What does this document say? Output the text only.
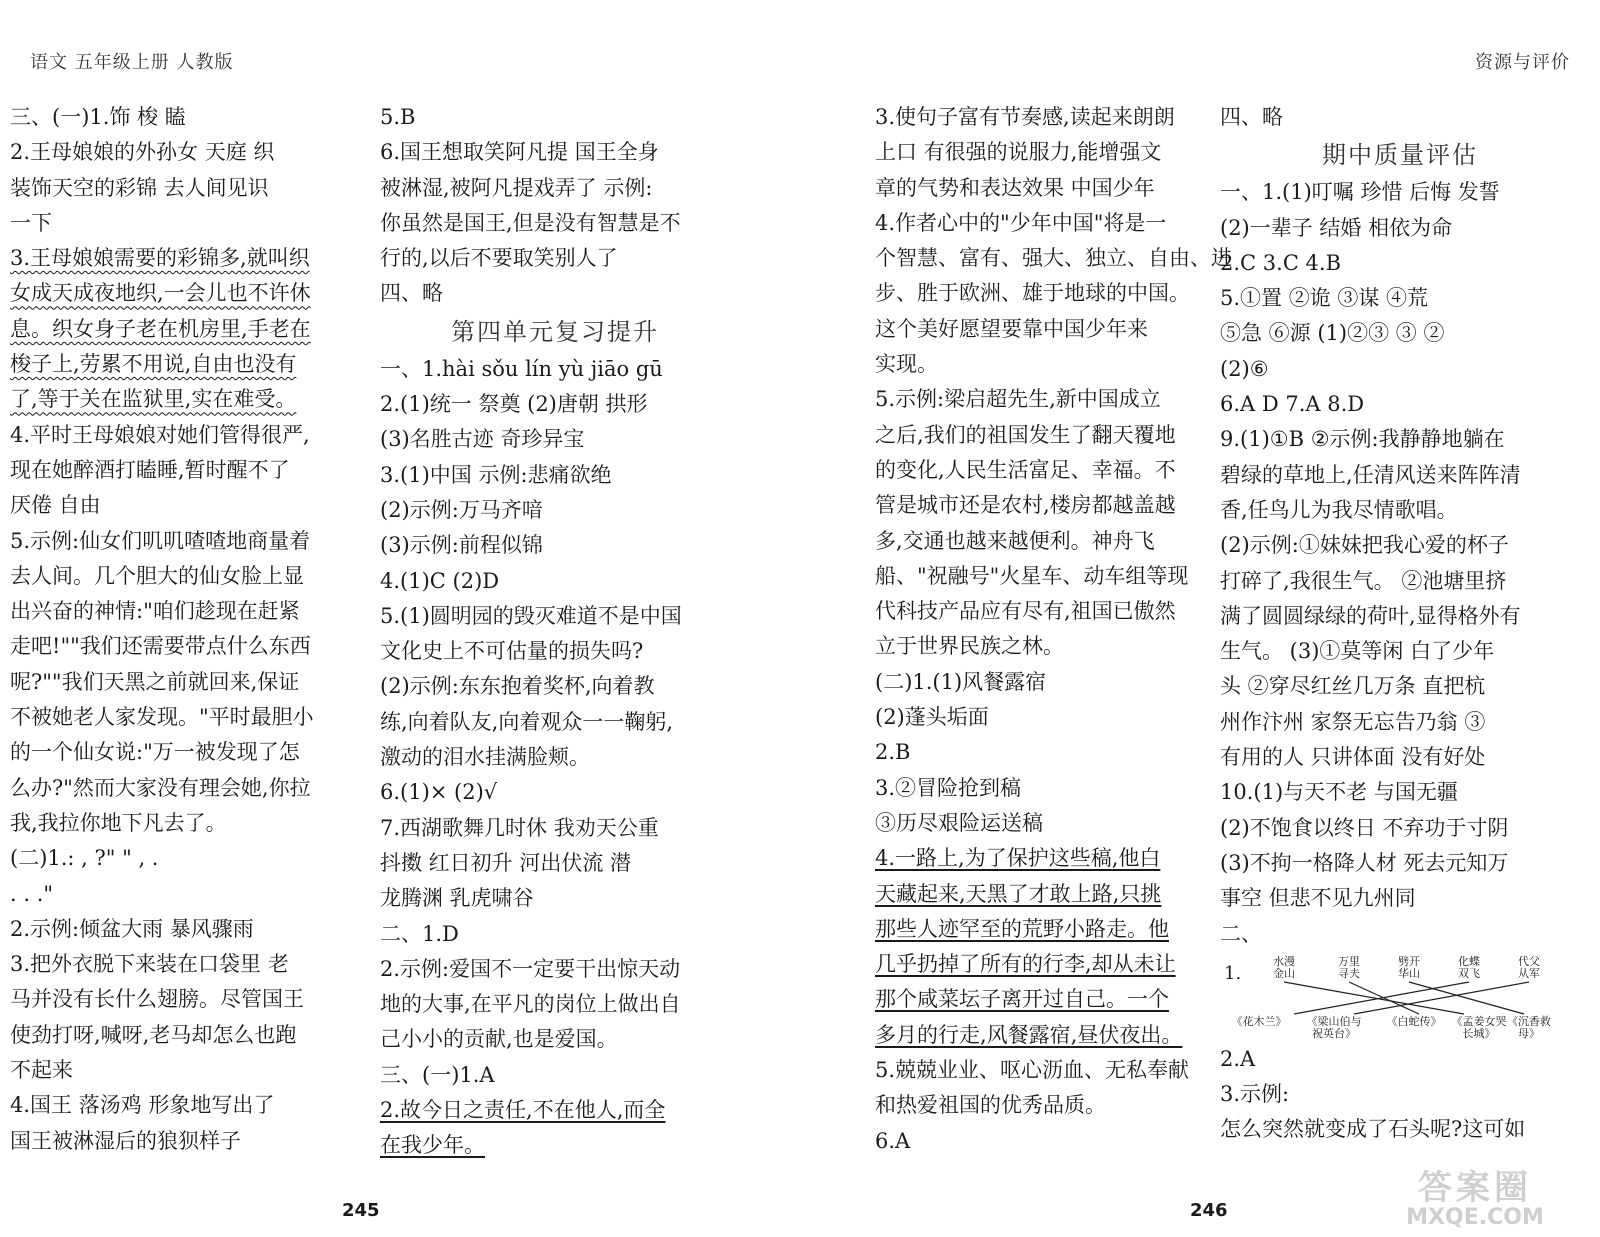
语文 五年级上册 人教版
三、(一)1.饰 梭 瞌
2.王母娘娘的外孙女 天庭 织
装饰天空的彩锦 去人间见识
一下
3.王母娘娘需要的彩锦多,就叫织
女成天成夜地织,一会儿也不许休
息。织女身子老在机房里,手老在
梭子上,劳累不用说,自由也没有
了,等于关在监狱里,实在难受。
4.平时王母娘娘对她们管得很严,
现在她醉酒打瞌睡,暂时醒不了
厌倦 自由
5.示例:仙女们叽叽喳喳地商量着
去人间。几个胆大的仙女脸上显
出兴奋的神情:"咱们趁现在赶紧
走吧!""我们还需要带点什么东西
呢?""我们天黑之前就回来,保证
不被她老人家发现。"平时最胆小
的一个仙女说:"万一被发现了怎
么办?"然而大家没有理会她,你拉
我,我拉你地下凡去了。
(二)1.: , ?" " , .
. . ."
2.示例:倾盆大雨 暴风骤雨
3.把外衣脱下来装在口袋里 老
马并没有长什么翅膀。尽管国王
使劲打呀,喊呀,老马却怎么也跑
不起来
4.国王 落汤鸡 形象地写出了
国王被淋湿后的狼狈样子
5.B
6.国王想取笑阿凡提 国王全身
被淋湿,被阿凡提戏弄了 示例:
你虽然是国王,但是没有智慧是不
行的,以后不要取笑别人了
四、略
第四单元复习提升
一、1.hài sǒu lín yù jiāo gū
2.(1)统一 祭奠 (2)唐朝 拱形
(3)名胜古迹 奇珍异宝
3.(1)中国 示例:悲痛欲绝
(2)示例:万马齐喑
(3)示例:前程似锦
4.(1)C (2)D
5.(1)圆明园的毁灭难道不是中国
文化史上不可估量的损失吗?
(2)示例:东东抱着奖杯,向着教
练,向着队友,向着观众一一鞠躬,
激动的泪水挂满脸颊。
6.(1)× (2)√
7.西湖歌舞几时休 我劝天公重
抖擞 红日初升 河出伏流 潜
龙腾渊 乳虎啸谷
二、1.D
2.示例:爱国不一定要干出惊天动
地的大事,在平凡的岗位上做出自
己小小的贡献,也是爱国。
三、(一)1.A
2.故今日之责任,不在他人,而全
在我少年。
245
资源与评价
3.使句子富有节奏感,读起来朗朗
上口 有很强的说服力,能增强文
章的气势和表达效果 中国少年
4.作者心中的"少年中国"将是一
个智慧、富有、强大、独立、自由、进
步、胜于欧洲、雄于地球的中国。
这个美好愿望要靠中国少年来
实现。
5.示例:梁启超先生,新中国成立
之后,我们的祖国发生了翻天覆地
的变化,人民生活富足、幸福。不
管是城市还是农村,楼房都越盖越
多,交通也越来越便利。神舟飞
船、"祝融号"火星车、动车组等现
代科技产品应有尽有,祖国已傲然
立于世界民族之林。
(二)1.(1)风餐露宿
(2)蓬头垢面
2.B
3.②冒险抢到稿
③历尽艰险运送稿
4.一路上,为了保护这些稿,他白
天藏起来,天黑了才敢上路,只挑
那些人迹罕至的荒野小路走。他
几乎扔掉了所有的行李,却从未让
那个咸菜坛子离开过自己。一个
多月的行走,风餐露宿,昼伏夜出。
5.兢兢业业、呕心沥血、无私奉献
和热爱祖国的优秀品质。
6.A
四、略
期中质量评估
一、1.(1)叮嘱 珍惜 后悔 发誓
(2)一辈子 结婚 相依为命
2.C 3.C 4.B
5.①置 ②诡 ③谋 ④荒
⑤急 ⑥源 (1)②③ ③ ②
(2)⑥
6.A D 7.A 8.D
9.(1)①B ②示例:我静静地躺在
碧绿的草地上,任清风送来阵阵清
香,任鸟儿为我尽情歌唱。
(2)示例:①妹妹把我心爱的杯子
打碎了,我很生气。 ②池塘里挤
满了圆圆绿绿的荷叶,显得格外有
生气。 (3)①莫等闲 白了少年
头 ②穿尽红丝几万条 直把杭
州作汴州 家祭无忘告乃翁 ③
有用的人 只讲体面 没有好处
10.(1)与天不老 与国无疆
(2)不饱食以终日 不弃功于寸阴
(3)不拘一格降人材 死去元知万
事空 但悲不见九州同
二、
1.
水漫金山
万里寻夫
劈开华山
化蝶双飞
代父从军
《花木兰》 《梁山伯与祝英台》
《白蛇传》 《孟姜女哭长城》
《沉香救母》
2.A
3.示例:
怎么突然就变成了石头呢?这可如
246
答案圈
MXQE.COM
